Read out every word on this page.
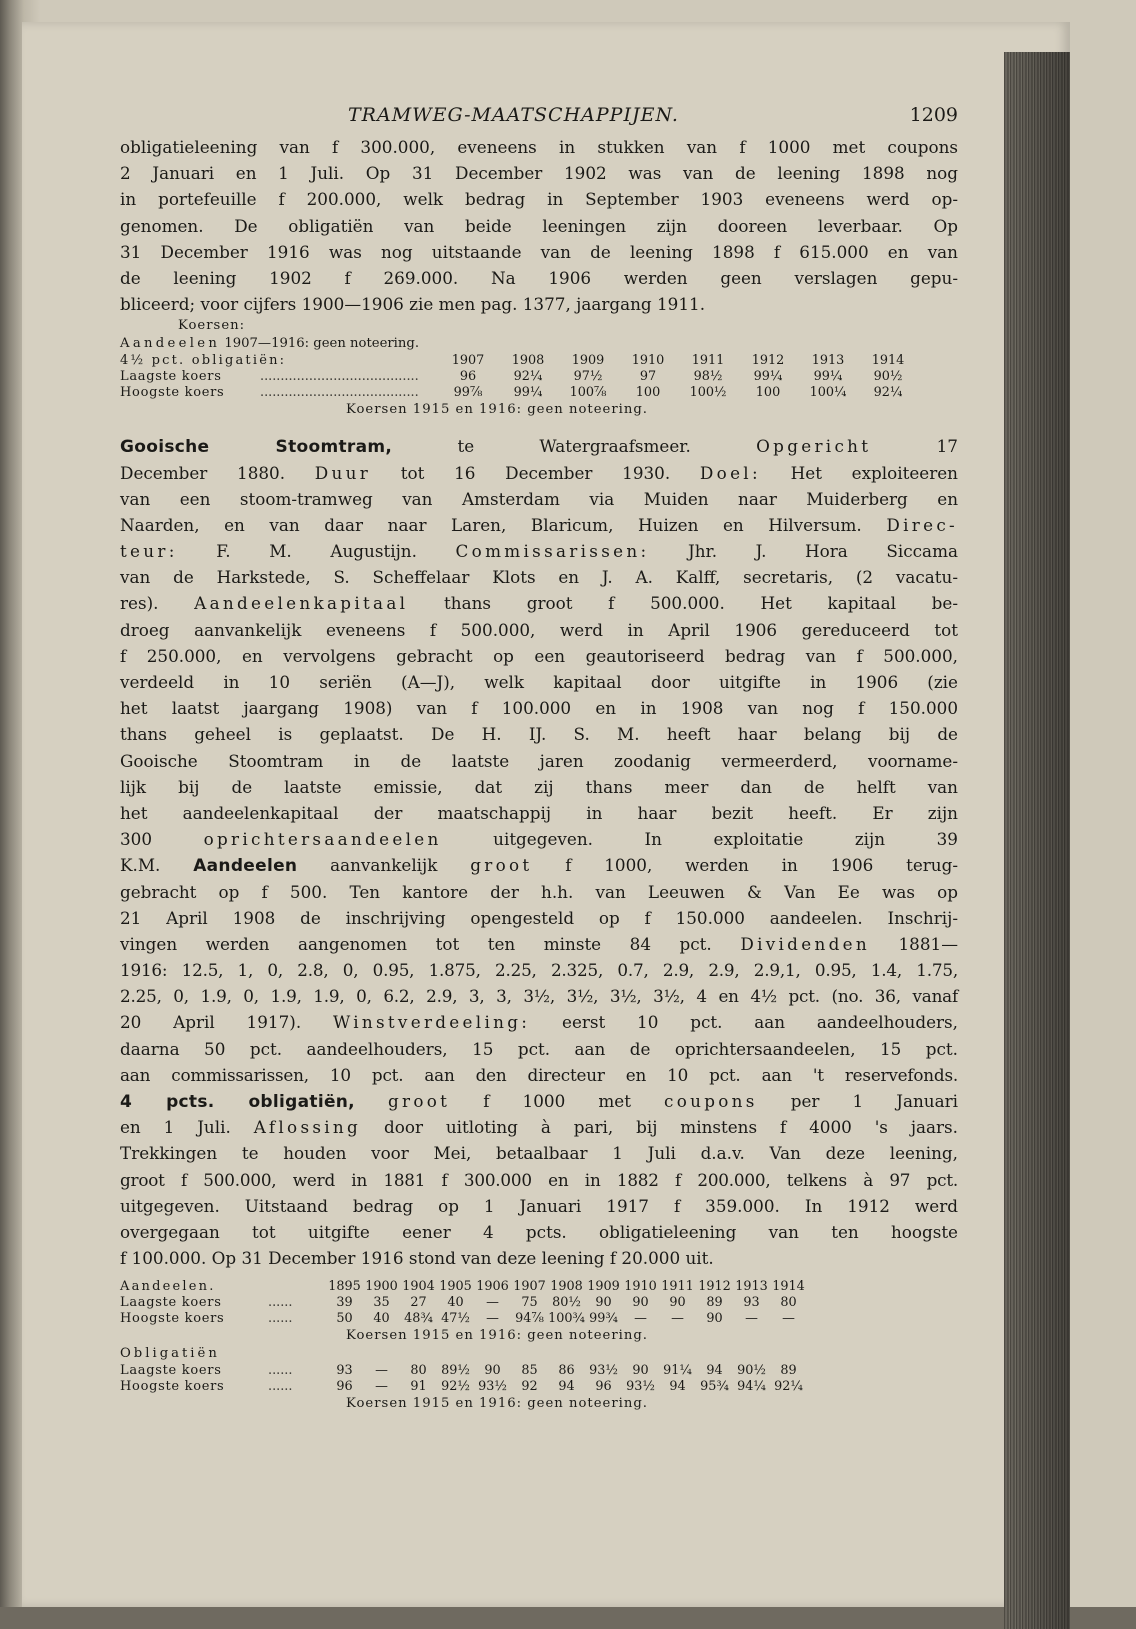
TRAMWEG-MAATSCHAPPIJEN.	1209
obligatieleening van f 300.000, eveneens in stukken van f 1000 met coupons
2 Januari en 1 Juli. Op 31 December 1902 was van de leening 1898 nog
in portefeuille f 200.000, welk bedrag in September 1903 eveneens werd op-
genomen. De obligatiën van beide leeningen zijn dooreen leverbaar. Op
31 December 1916 was nog uitstaande van de leening 1898 f 615.000 en van
de leening 1902 f 269.000. Na 1906 werden geen verslagen gepu-
bliceerd; voor cijfers 1900—1906 zie men pag. 1377, jaargang 1911.
Koersen:
Aandeelen 1907—1916: geen noteering.
4½ pct. obligatiën:		1907	1908	1909	1910	1911	1912	1913	1914
Laagste koers	.......................................	96	92¼	97½	97	98½	99¼	99¼	90½
Hoogste koers	.......................................	99⅞	99¼	100⅞	100	100½	100	100¼	92¼
Koersen 1915 en 1916: geen noteering.
Gooische Stoomtram,	te Watergraafsmeer.	Opgericht	17
December 1880. Duur tot 16 December 1930. Doel: Het exploiteeren
van een stoom-tramweg van Amsterdam via Muiden naar Muiderberg en
Naarden, en van daar naar Laren, Blaricum, Huizen en Hilversum. Direc-
teur: F. M. Augustijn. Commissarissen: Jhr. J. Hora Siccama
van de Harkstede, S. Scheffelaar Klots en J. A. Kalff, secretaris, (2 vacatu-
res). Aandeelenkapitaal thans groot f 500.000. Het kapitaal be-
droeg aanvankelijk eveneens f 500.000, werd in April 1906 gereduceerd tot
f 250.000, en vervolgens gebracht op een geautoriseerd bedrag van f 500.000,
verdeeld in 10 seriën (A—J), welk kapitaal door uitgifte in 1906 (zie
het laatst jaargang 1908) van f 100.000 en in 1908 van nog f 150.000
thans geheel is geplaatst. De H. IJ. S. M. heeft haar belang bij de
Gooische Stoomtram in de laatste jaren zoodanig vermeerderd, voorname-
lijk bij de laatste emissie, dat zij thans meer dan de helft van
het aandeelenkapitaal der maatschappij in haar bezit heeft. Er zijn
300	oprichtersaandeelen	uitgegeven. In exploitatie zijn 39
K.M. Aandeelen aanvankelijk groot f 1000, werden in 1906 terug-
gebracht op f 500. Ten kantore der h.h. van Leeuwen & Van Ee was op
21 April 1908 de inschrijving opengesteld op f 150.000 aandeelen. Inschrij-
vingen werden aangenomen tot ten minste 84 pct. Dividenden 1881—
1916: 12.5, 1, 0, 2.8, 0, 0.95, 1.875, 2.25, 2.325, 0.7, 2.9, 2.9, 2.9,1, 0.95, 1.4, 1.75,
2.25, 0, 1.9, 0, 1.9, 1.9, 0, 6.2, 2.9, 3, 3, 3½, 3½, 3½, 3½, 4 en 4½ pct. (no. 36, vanaf
20 April 1917). Winstverdeeling: eerst 10 pct. aan aandeelhouders,
daarna 50 pct. aandeelhouders, 15 pct. aan de oprichtersaandeelen, 15 pct.
aan commissarissen, 10 pct. aan den directeur en 10 pct. aan 't reservefonds.
4 pcts. obligatiën, groot f 1000 met coupons per 1 Januari
en 1 Juli. Aflossing door uitloting à pari, bij minstens f 4000 's jaars.
Trekkingen te houden voor Mei, betaalbaar 1 Juli d.a.v. Van deze leening,
groot f 500.000, werd in 1881 f 300.000 en in 1882 f 200.000, telkens à 97 pct.
uitgegeven. Uitstaand bedrag op 1 Januari 1917 f 359.000. In 1912 werd
overgegaan tot uitgifte eener 4 pcts. obligatieleening van ten hoogste
f 100.000. Op 31 December 1916 stond van deze leening f 20.000 uit.
Aandeelen.		1895	1900	1904	1905	1906	1907	1908	1909	1910	1911	1912	1913	1914
Laagste koers	......	39	35	27	40	—	75	80½	90	90	90	89	93	80
Hoogste koers	......	50	40	48¾	47½	—	94⅞	100¾	99¾	—	—	90	—	—
Koersen 1915 en 1916: geen noteering.
Obligatiën
Laagste koers	......	93	—	80	89½	90	85	86	93½	90	91¼	94	90½	89
Hoogste koers	......	96	—	91	92½	93½	92	94	96	93½	94	95¾	94¼	92¼
Koersen 1915 en 1916: geen noteering.
